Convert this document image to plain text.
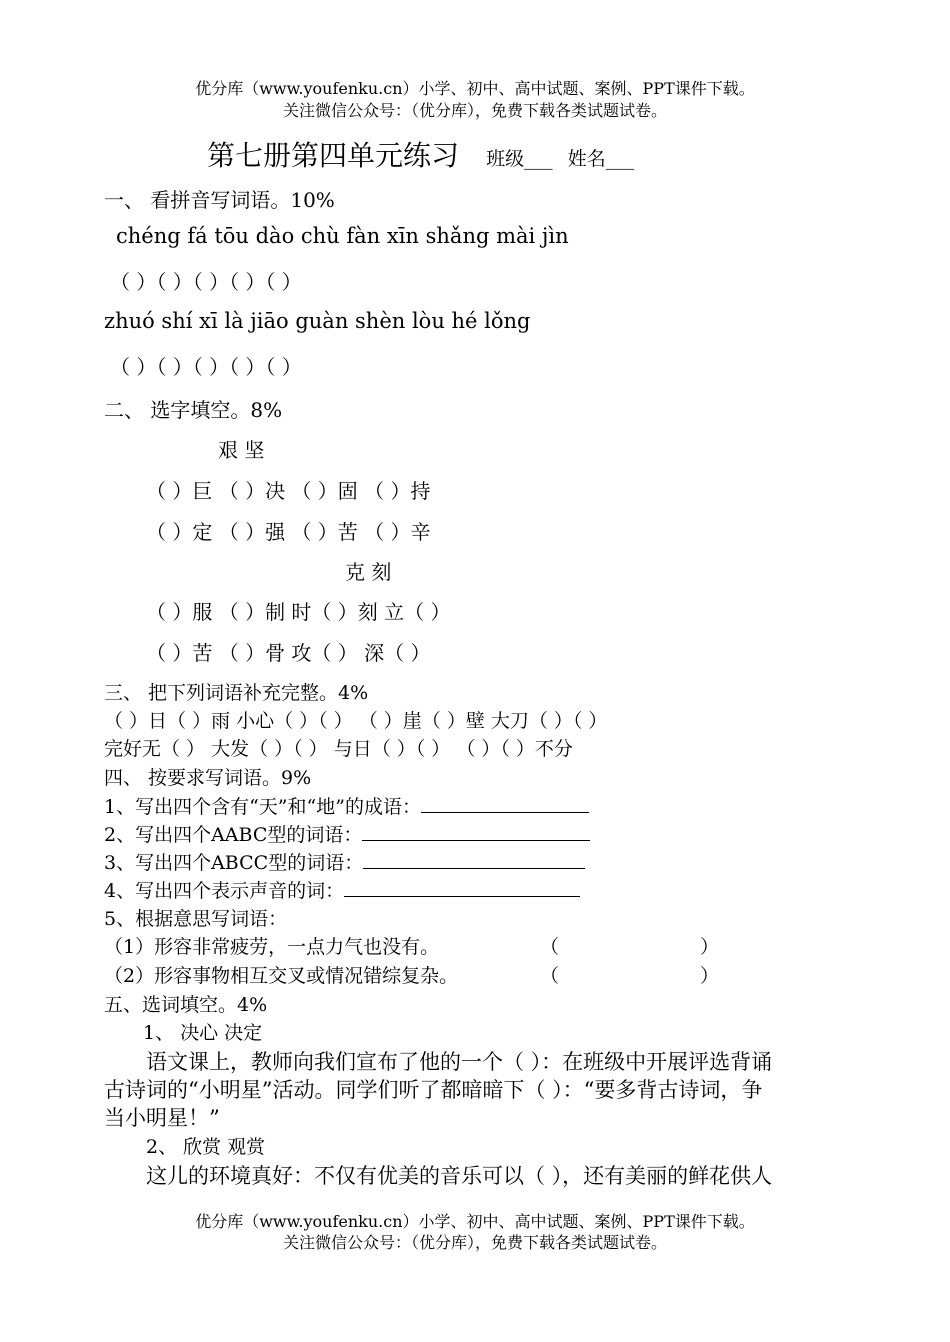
优分库（www.youfenku.cn）小学、初中、高中试题、案例、PPT课件下载。
关注微信公众号：（优分库），免费下载各类试题试卷。
第七册第四单元练习 班级___ 姓名___
一、 看拼音写词语。10%
chéng fá tōu dào chù fàn xīn shǎng mài jìn
（ ）（ ）（ ）（ ）（ ）
zhuó shí xī là jiāo guàn shèn lòu hé lǒng
（ ）（ ）（ ）（ ）（ ）
二、 选字填空。8%
艰 坚
（ ）巨 （ ）决 （ ）固 （ ）持
（ ）定 （ ）强 （ ）苦 （ ）辛
克 刻
（ ）服 （ ）制 时（ ）刻 立（ ）
（ ）苦 （ ）骨 攻（ ） 深（ ）
三、 把下列词语补充完整。4%
（ ）日（ ）雨 小心（ ）（ ） （ ）崖（ ）壁 大刀（ ）（ ）
完好无（ ） 大发（ ）（ ） 与日（ ）（ ） （ ）（ ）不分
四、 按要求写词语。9%
1、写出四个含有“天”和“地”的成语：
2、写出四个AABC型的词语：
3、写出四个ABCC型的词语：
4、写出四个表示声音的词：
5、根据意思写词语：
（1）形容非常疲劳，一点力气也没有。	（	）
（2）形容事物相互交叉或情况错综复杂。	（	）
五、选词填空。4%
1、 决心 决定
语文课上，教师向我们宣布了他的一个（ ）：在班级中开展评选背诵
古诗词的“小明星”活动。同学们听了都暗暗下（ ）：“要多背古诗词，争
当小明星！”
2、 欣赏 观赏
这儿的环境真好：不仅有优美的音乐可以（ ），还有美丽的鲜花供人
优分库（www.youfenku.cn）小学、初中、高中试题、案例、PPT课件下载。
关注微信公众号：（优分库），免费下载各类试题试卷。
